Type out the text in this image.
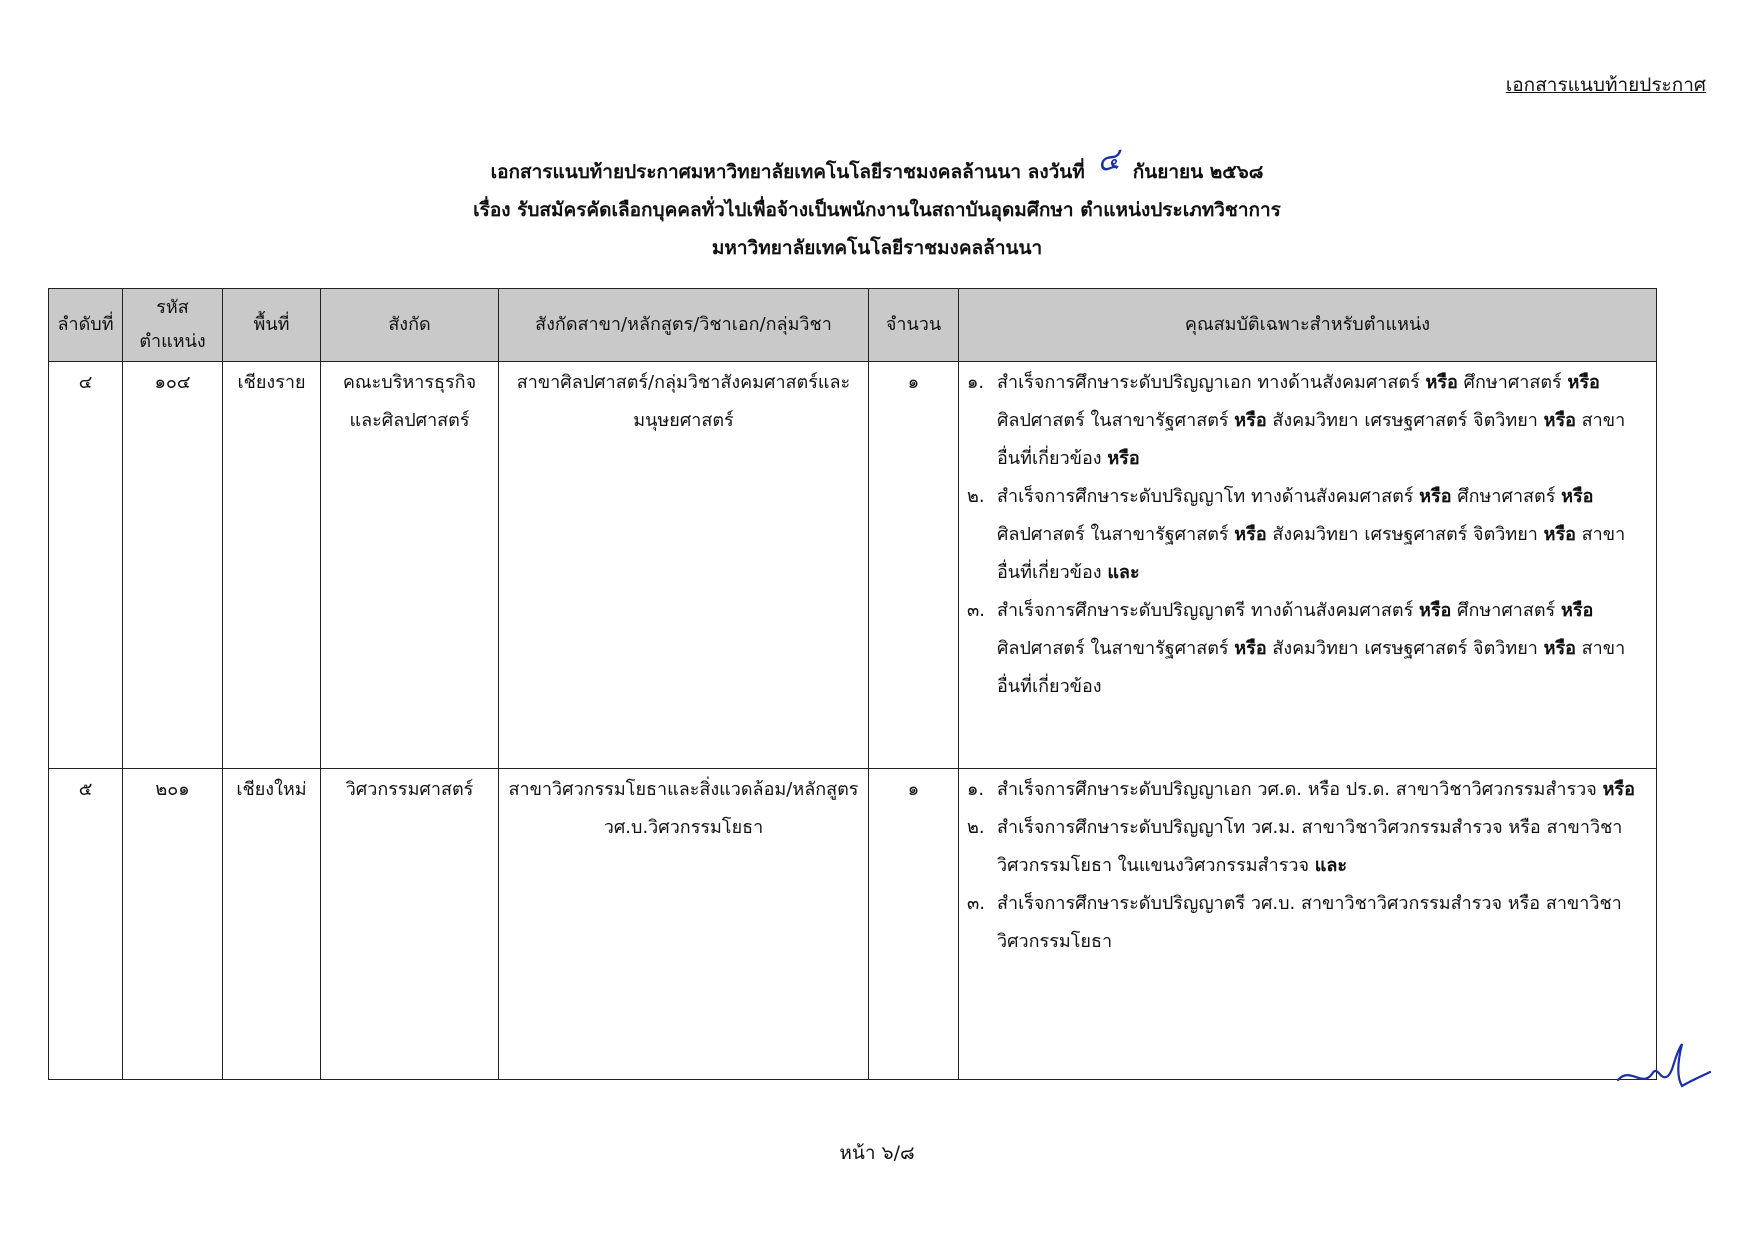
เอกสารแนบท้ายประกาศ
เอกสารแนบท้ายประกาศมหาวิทยาลัยเทคโนโลยีราชมงคลล้านนา ลงวันที่ ๔ กันยายน ๒๕๖๘
เรื่อง รับสมัครคัดเลือกบุคคลทั่วไปเพื่อจ้างเป็นพนักงานในสถาบันอุดมศึกษา ตำแหน่งประเภทวิชาการ
มหาวิทยาลัยเทคโนโลยีราชมงคลล้านนา
ลำดับที่	รหัสตำแหน่ง	พื้นที่	สังกัด	สังกัดสาขา/หลักสูตร/วิชาเอก/กลุ่มวิชา	จำนวน	คุณสมบัติเฉพาะสำหรับตำแหน่ง
๔	๑๐๔	เชียงราย	คณะบริหารธุรกิจและศิลปศาสตร์	สาขาศิลปศาสตร์/กลุ่มวิชาสังคมศาสตร์และมนุษยศาสตร์	๑	๑. สำเร็จการศึกษาระดับปริญญาเอก ทางด้านสังคมศาสตร์ หรือ ศึกษาศาสตร์ หรือ ศิลปศาสตร์ ในสาขารัฐศาสตร์ หรือ สังคมวิทยา เศรษฐศาสตร์ จิตวิทยา หรือ สาขาอื่นที่เกี่ยวข้อง หรือ
๒. สำเร็จการศึกษาระดับปริญญาโท ทางด้านสังคมศาสตร์ หรือ ศึกษาศาสตร์ หรือ ศิลปศาสตร์ ในสาขารัฐศาสตร์ หรือ สังคมวิทยา เศรษฐศาสตร์ จิตวิทยา หรือ สาขาอื่นที่เกี่ยวข้อง และ
๓. สำเร็จการศึกษาระดับปริญญาตรี ทางด้านสังคมศาสตร์ หรือ ศึกษาศาสตร์ หรือ ศิลปศาสตร์ ในสาขารัฐศาสตร์ หรือ สังคมวิทยา เศรษฐศาสตร์ จิตวิทยา หรือ สาขาอื่นที่เกี่ยวข้อง

๕	๒๐๑	เชียงใหม่	วิศวกรรมศาสตร์	สาขาวิศวกรรมโยธาและสิ่งแวดล้อม/หลักสูตร วศ.บ.วิศวกรรมโยธา	๑	๑. สำเร็จการศึกษาระดับปริญญาเอก วศ.ด. หรือ ปร.ด. สาขาวิชาวิศวกรรมสำรวจ หรือ
๒. สำเร็จการศึกษาระดับปริญญาโท วศ.ม. สาขาวิชาวิศวกรรมสำรวจ หรือ สาขาวิชาวิศวกรรมโยธา ในแขนงวิศวกรรมสำรวจ และ
๓. สำเร็จการศึกษาระดับปริญญาตรี วศ.บ. สาขาวิชาวิศวกรรมสำรวจ หรือ สาขาวิชาวิศวกรรมโยธา
หน้า ๖/๘
